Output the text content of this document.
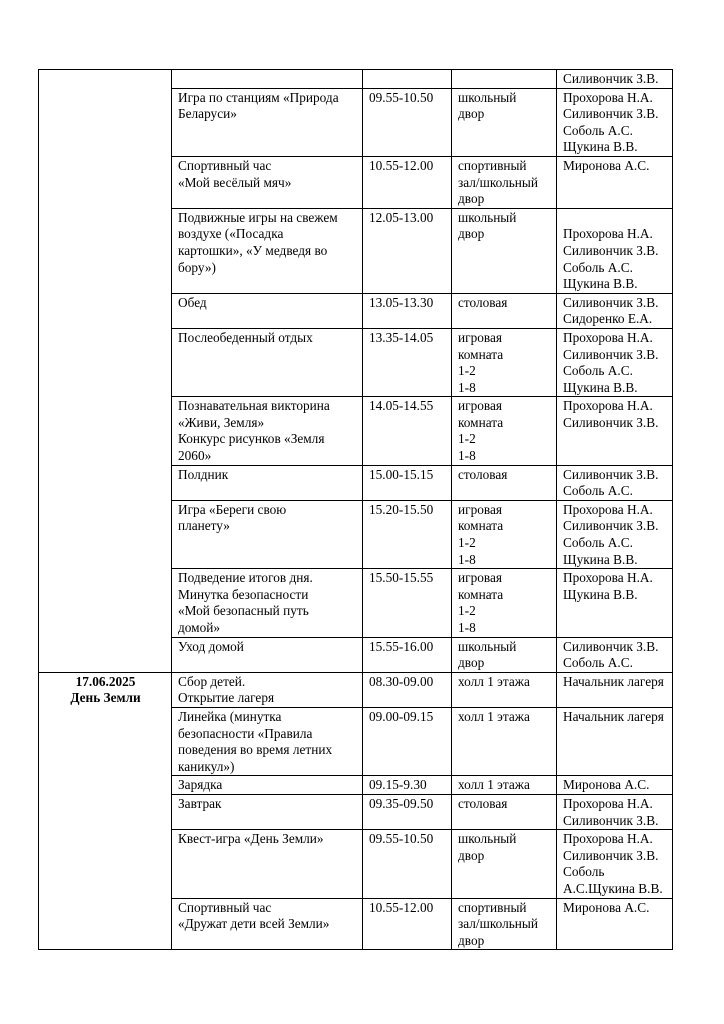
				Силивончик З.В.

	Игра по станциям «Природа
Беларуси»	09.55-10.50	школьный
двор	Прохорова Н.А.
Силивончик З.В.
Соболь А.С.
Щукина В.В.

	Спортивный час
«Мой весёлый мяч»	10.55-12.00	спортивный
зал/школьный
двор	Миронова А.С.

	Подвижные игры на свежем
воздухе («Посадка
картошки», «У медведя во
бору»)	12.05-13.00	школьный
двор	Прохорова Н.А.
Силивончик З.В.
Соболь А.С.
Щукина В.В.

	Обед	13.05-13.30	столовая	Силивончик З.В.
Сидоренко Е.А.

	Послеобеденный отдых	13.35-14.05	игровая
комната
1-2
1-8	Прохорова Н.А.
Силивончик З.В.
Соболь А.С.
Щукина В.В.

	Познавательная викторина
«Живи, Земля»
Конкурс рисунков «Земля
2060»	14.05-14.55	игровая
комната
1-2
1-8	Прохорова Н.А.
Силивончик З.В.

	Полдник	15.00-15.15	столовая	Силивончик З.В.
Соболь А.С.

	Игра «Береги свою
планету»	15.20-15.50	игровая
комната
1-2
1-8	Прохорова Н.А.
Силивончик З.В.
Соболь А.С.
Щукина В.В.

	Подведение итогов дня.
Минутка безопасности
«Мой безопасный путь
домой»	15.50-15.55	игровая
комната
1-2
1-8	Прохорова Н.А.
Щукина В.В.

	Уход домой	15.55-16.00	школьный
двор	Силивончик З.В.
Соболь А.С.

17.06.2025
День Земли	Сбор детей.
Открытие лагеря	08.30-09.00	холл 1 этажа	Начальник лагеря

	Линейка (минутка
безопасности «Правила
поведения во время летних
каникул»)	09.00-09.15	холл 1 этажа	Начальник лагеря

	Зарядка	09.15-9.30	холл 1 этажа	Миронова А.С.

	Завтрак	09.35-09.50	столовая	Прохорова Н.А.
Силивончик З.В.

	Квест-игра «День Земли»	09.55-10.50	школьный
двор	Прохорова Н.А.
Силивончик З.В.
Соболь
А.С.Щукина В.В.

	Спортивный час
«Дружат дети всей Земли»	10.55-12.00	спортивный
зал/школьный
двор	Миронова А.С.
